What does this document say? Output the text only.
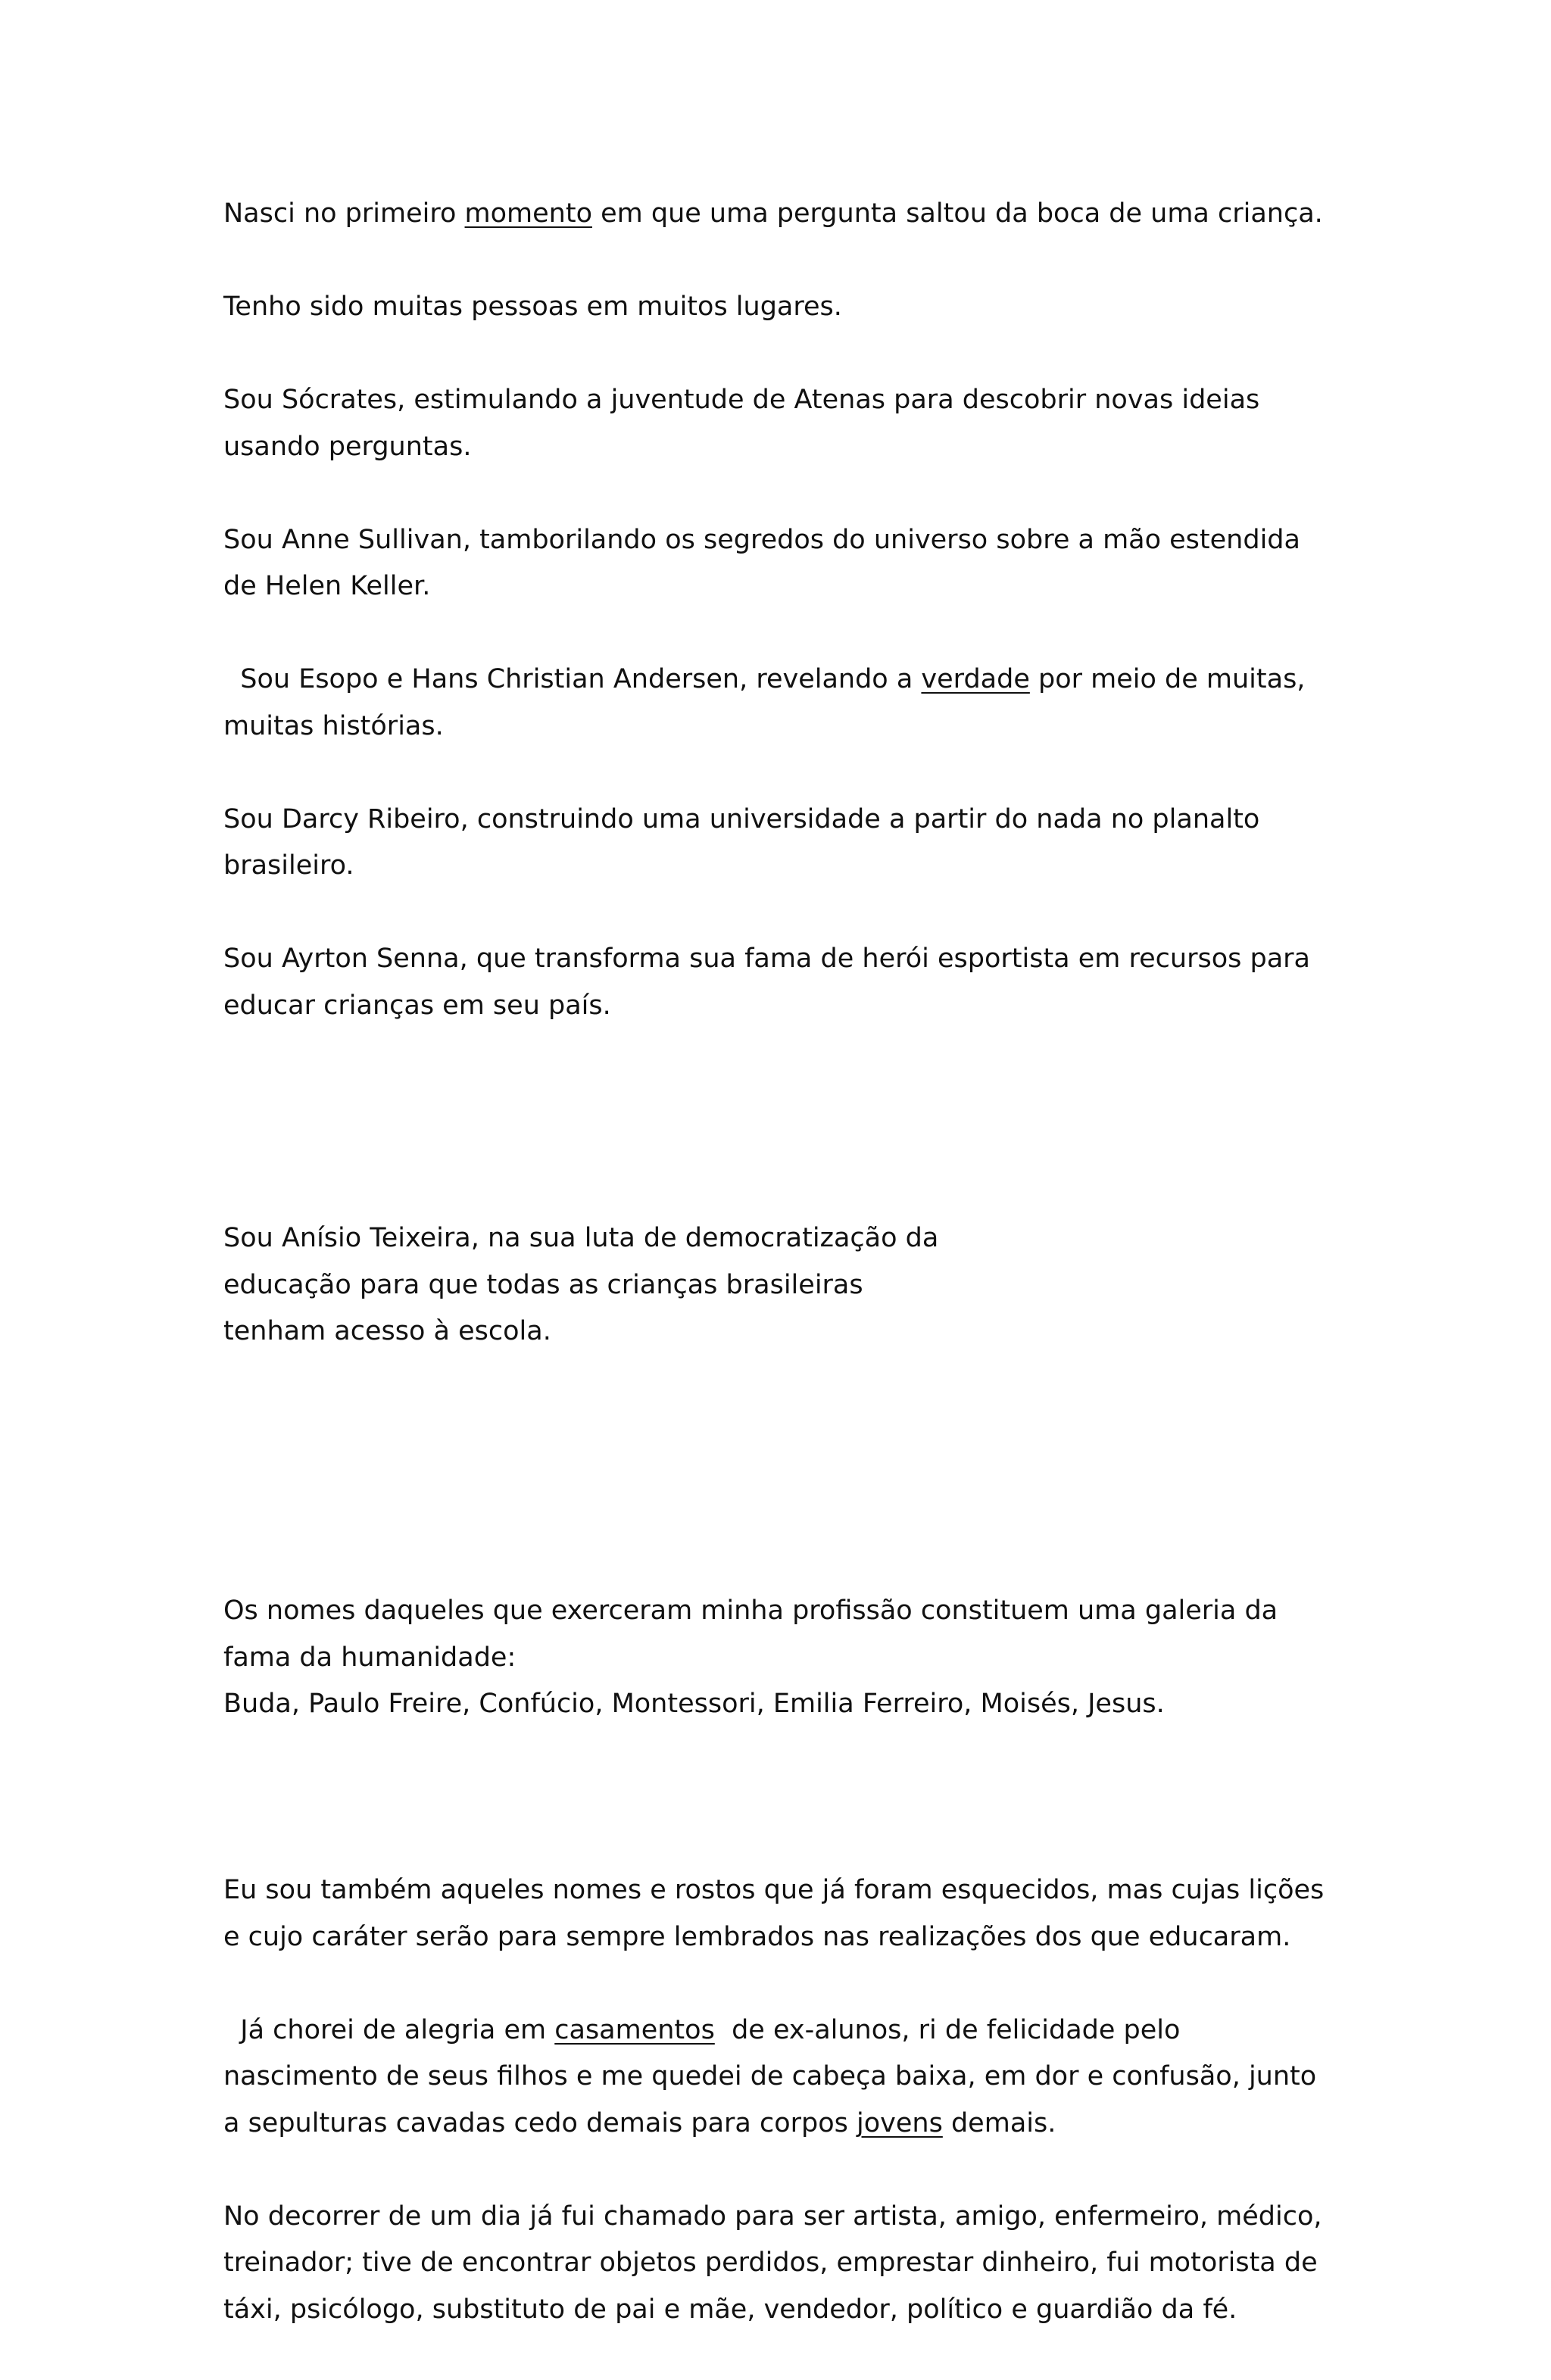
Nasci no primeiro momento em que uma pergunta saltou da boca de uma criança.

Tenho sido muitas pessoas em muitos lugares.

Sou Sócrates, estimulando a juventude de Atenas para descobrir novas ideias usando perguntas.

Sou Anne Sullivan, tamborilando os segredos do universo sobre a mão estendida de Helen Keller.

Sou Esopo e Hans Christian Andersen, revelando a verdade por meio de muitas, muitas histórias.

Sou Darcy Ribeiro, construindo uma universidade a partir do nada no planalto brasileiro.

Sou Ayrton Senna, que transforma sua fama de herói esportista em recursos para educar crianças em seu país.

Sou Anísio Teixeira, na sua luta de democratização da
educação para que todas as crianças brasileiras
tenham acesso à escola.

Os nomes daqueles que exerceram minha profissão constituem uma galeria da fama da humanidade:
Buda, Paulo Freire, Confúcio, Montessori, Emilia Ferreiro, Moisés, Jesus.

Eu sou também aqueles nomes e rostos que já foram esquecidos, mas cujas lições e cujo caráter serão para sempre lembrados nas realizações dos que educaram.

Já chorei de alegria em casamentos  de ex-alunos, ri de felicidade pelo nascimento de seus filhos e me quedei de cabeça baixa, em dor e confusão, junto a sepulturas cavadas cedo demais para corpos jovens demais.

No decorrer de um dia já fui chamado para ser artista, amigo, enfermeiro, médico, treinador; tive de encontrar objetos perdidos, emprestar dinheiro, fui motorista de táxi, psicólogo, substituto de pai e mãe, vendedor, político e guardião da fé.
